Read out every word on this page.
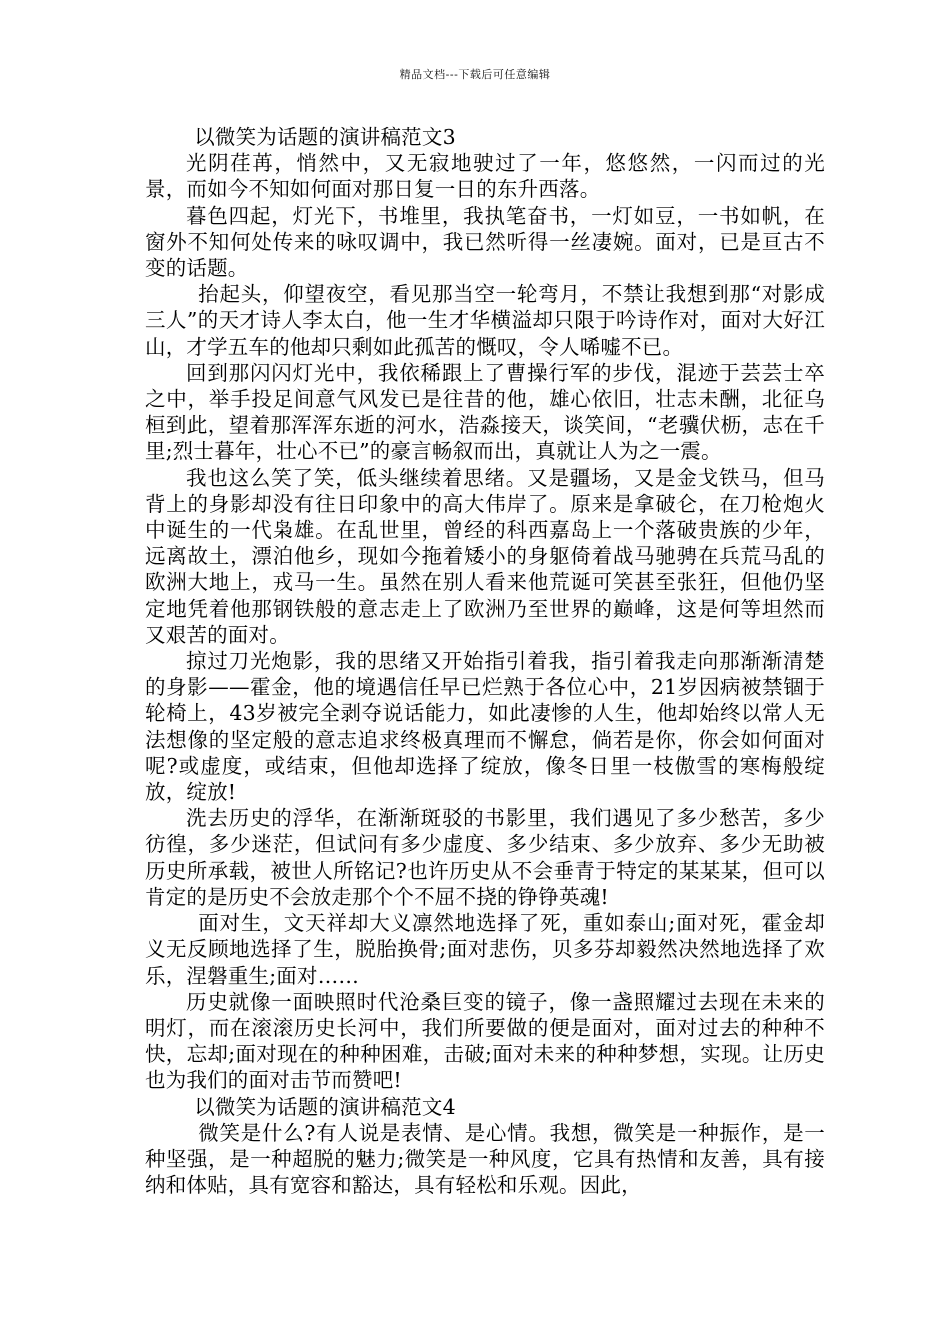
精品文档---下载后可任意编辑

以微笑为话题的演讲稿范文3

光阴荏苒，悄然中，又无寂地驶过了一年，悠悠然，一闪而过的光景，而如今不知如何面对那日复一日的东升西落。

暮色四起，灯光下，书堆里，我执笔奋书，一灯如豆，一书如帆，在窗外不知何处传来的咏叹调中，我已然听得一丝凄婉。面对，已是亘古不变的话题。

抬起头，仰望夜空，看见那当空一轮弯月，不禁让我想到那“对影成三人”的天才诗人李太白，他一生才华横溢却只限于吟诗作对，面对大好江山，才学五车的他却只剩如此孤苦的慨叹，令人唏嘘不已。

回到那闪闪灯光中，我依稀跟上了曹操行军的步伐，混迹于芸芸士卒之中，举手投足间意气风发已是往昔的他，雄心依旧，壮志未酬，北征乌桓到此，望着那浑浑东逝的河水，浩淼接天，谈笑间，“老骥伏枥，志在千里;烈士暮年，壮心不已”的豪言畅叙而出，真就让人为之一震。

我也这么笑了笑，低头继续着思绪。又是疆场，又是金戈铁马，但马背上的身影却没有往日印象中的高大伟岸了。原来是拿破仑，在刀枪炮火中诞生的一代枭雄。在乱世里，曾经的科西嘉岛上一个落破贵族的少年，远离故土，漂泊他乡，现如今拖着矮小的身躯倚着战马驰骋在兵荒马乱的欧洲大地上，戎马一生。虽然在别人看来他荒诞可笑甚至张狂，但他仍坚定地凭着他那钢铁般的意志走上了欧洲乃至世界的巅峰，这是何等坦然而又艰苦的面对。

掠过刀光炮影，我的思绪又开始指引着我，指引着我走向那渐渐清楚的身影——霍金，他的境遇信任早已烂熟于各位心中，21岁因病被禁锢于轮椅上，43岁被完全剥夺说话能力，如此凄惨的人生，他却始终以常人无法想像的坚定般的意志追求终极真理而不懈怠，倘若是你，你会如何面对呢?或虚度，或结束，但他却选择了绽放，像冬日里一枝傲雪的寒梅般绽放，绽放!

洗去历史的浮华，在渐渐斑驳的书影里，我们遇见了多少愁苦，多少彷徨，多少迷茫，但试问有多少虚度、多少结束、多少放弃、多少无助被历史所承载，被世人所铭记?也许历史从不会垂青于特定的某某某，但可以肯定的是历史不会放走那个个不屈不挠的铮铮英魂!

面对生，文天祥却大义凛然地选择了死，重如泰山;面对死，霍金却义无反顾地选择了生，脱胎换骨;面对悲伤，贝多芬却毅然决然地选择了欢乐，涅磐重生;面对……

历史就像一面映照时代沧桑巨变的镜子，像一盏照耀过去现在未来的明灯，而在滚滚历史长河中，我们所要做的便是面对，面对过去的种种不快，忘却;面对现在的种种困难，击破;面对未来的种种梦想，实现。让历史也为我们的面对击节而赞吧!

以微笑为话题的演讲稿范文4

微笑是什么?有人说是表情、是心情。我想，微笑是一种振作，是一种坚强，是一种超脱的魅力;微笑是一种风度，它具有热情和友善，具有接纳和体贴，具有宽容和豁达，具有轻松和乐观。因此，
